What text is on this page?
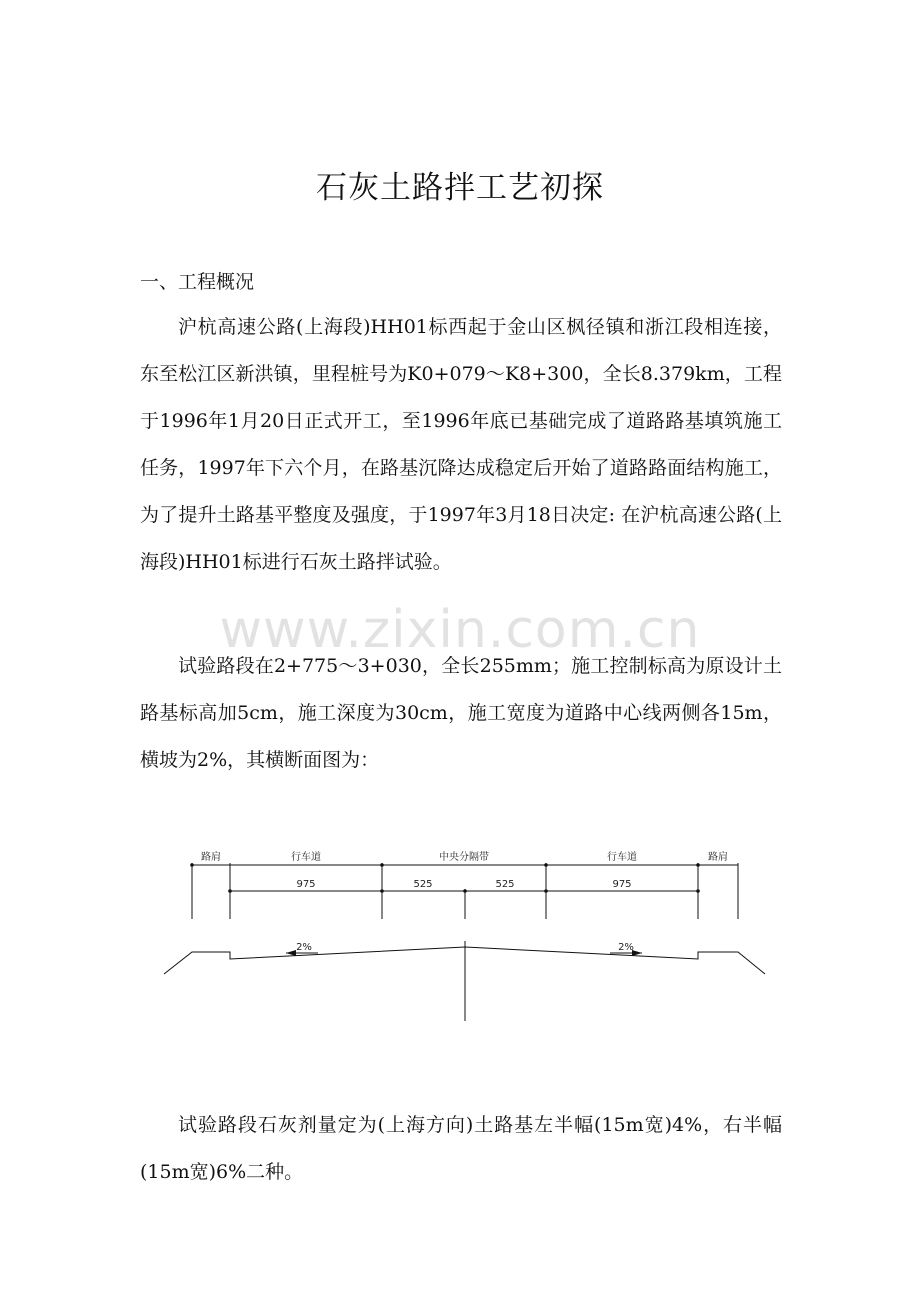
石灰土路拌工艺初探

一、工程概况

沪杭高速公路(上海段)HH01标西起于金山区枫径镇和浙江段相连接，东至松江区新洪镇，里程桩号为K0+079～K8+300，全长8.379km，工程于1996年1月20日正式开工，至1996年底已基础完成了道路路基填筑施工任务，1997年下六个月，在路基沉降达成稳定后开始了道路路面结构施工，为了提升土路基平整度及强度，于1997年3月18日决定: 在沪杭高速公路(上海段)HH01标进行石灰土路拌试验。

www.zixin.com.cn

试验路段在2+775～3+030，全长255mm；施工控制标高为原设计土路基标高加5cm，施工深度为30cm，施工宽度为道路中心线两侧各15m，横坡为2%，其横断面图为：

路肩	行车道	中央分隔带	行车道	路肩
975	525	525	975
2%	2%

试验路段石灰剂量定为(上海方向)土路基左半幅(15m宽)4%，右半幅(15m宽)6%二种。
